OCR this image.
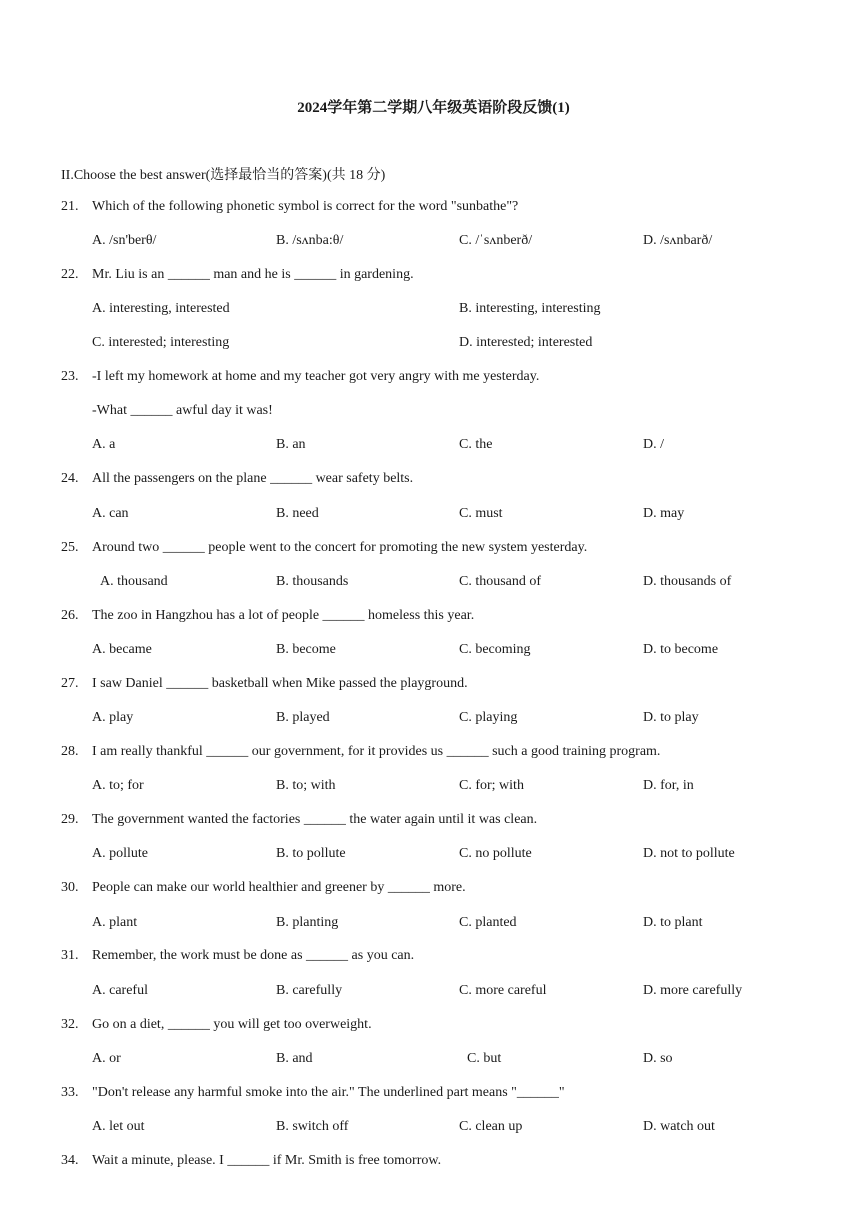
2024学年第二学期八年级英语阶段反馈(1)
II.Choose the best answer(选择最恰当的答案)(共 18 分)
21. Which of the following phonetic symbol is correct for the word "sunbathe"?
A. /sn'berθ/	B. /sʌnba:θ/	C. /ˈsʌnberð/	D. /sʌnbarð/
22. Mr. Liu is an ______ man and he is ______ in gardening.
A. interesting, interested	B. interesting, interesting
C. interested; interesting	D. interested; interested
23. -I left my homework at home and my teacher got very angry with me yesterday.
-What ______ awful day it was!
A. a	B. an	C. the	D. /
24. All the passengers on the plane ______ wear safety belts.
A. can	B. need	C. must	D. may
25. Around two ______ people went to the concert for promoting the new system yesterday.
A. thousand	B. thousands	C. thousand of	D. thousands of
26. The zoo in Hangzhou has a lot of people ______ homeless this year.
A. became	B. become	C. becoming	D. to become
27. I saw Daniel ______ basketball when Mike passed the playground.
A. play	B. played	C. playing	D. to play
28. I am really thankful ______ our government, for it provides us ______ such a good training program.
A. to; for	B. to; with	C. for; with	D. for, in
29. The government wanted the factories ______ the water again until it was clean.
A. pollute	B. to pollute	C. no pollute	D. not to pollute
30. People can make our world healthier and greener by ______ more.
A. plant	B. planting	C. planted	D. to plant
31. Remember, the work must be done as ______ as you can.
A. careful	B. carefully	C. more careful	D. more carefully
32. Go on a diet, ______ you will get too overweight.
A. or	B. and	C. but	D. so
33. "Don't release any harmful smoke into the air." The underlined part means "______"
A. let out	B. switch off	C. clean up	D. watch out
34. Wait a minute, please. I ______ if Mr. Smith is free tomorrow.
